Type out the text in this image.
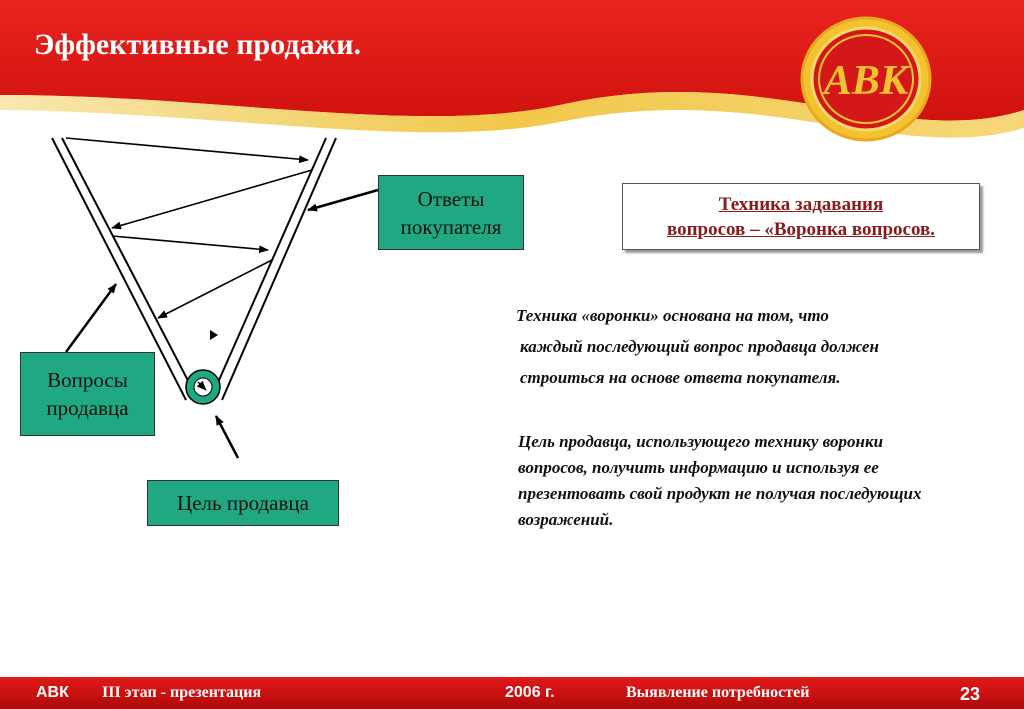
Эффективные продажи.
АВК
Ответы
покупателя
Вопросы
продавца
Цель продавца
Техника задавания
вопросов – «Воронка вопросов.

Техника «воронки» основана на том, что
каждый последующий вопрос продавца должен
строиться на основе ответа покупателя.

Цель продавца, использующего технику воронки вопросов, получить информацию и используя ее презентовать свой продукт не получая последующих возражений.

АВК III этап - презентация	2006 г.	Выявление потребностей	23
